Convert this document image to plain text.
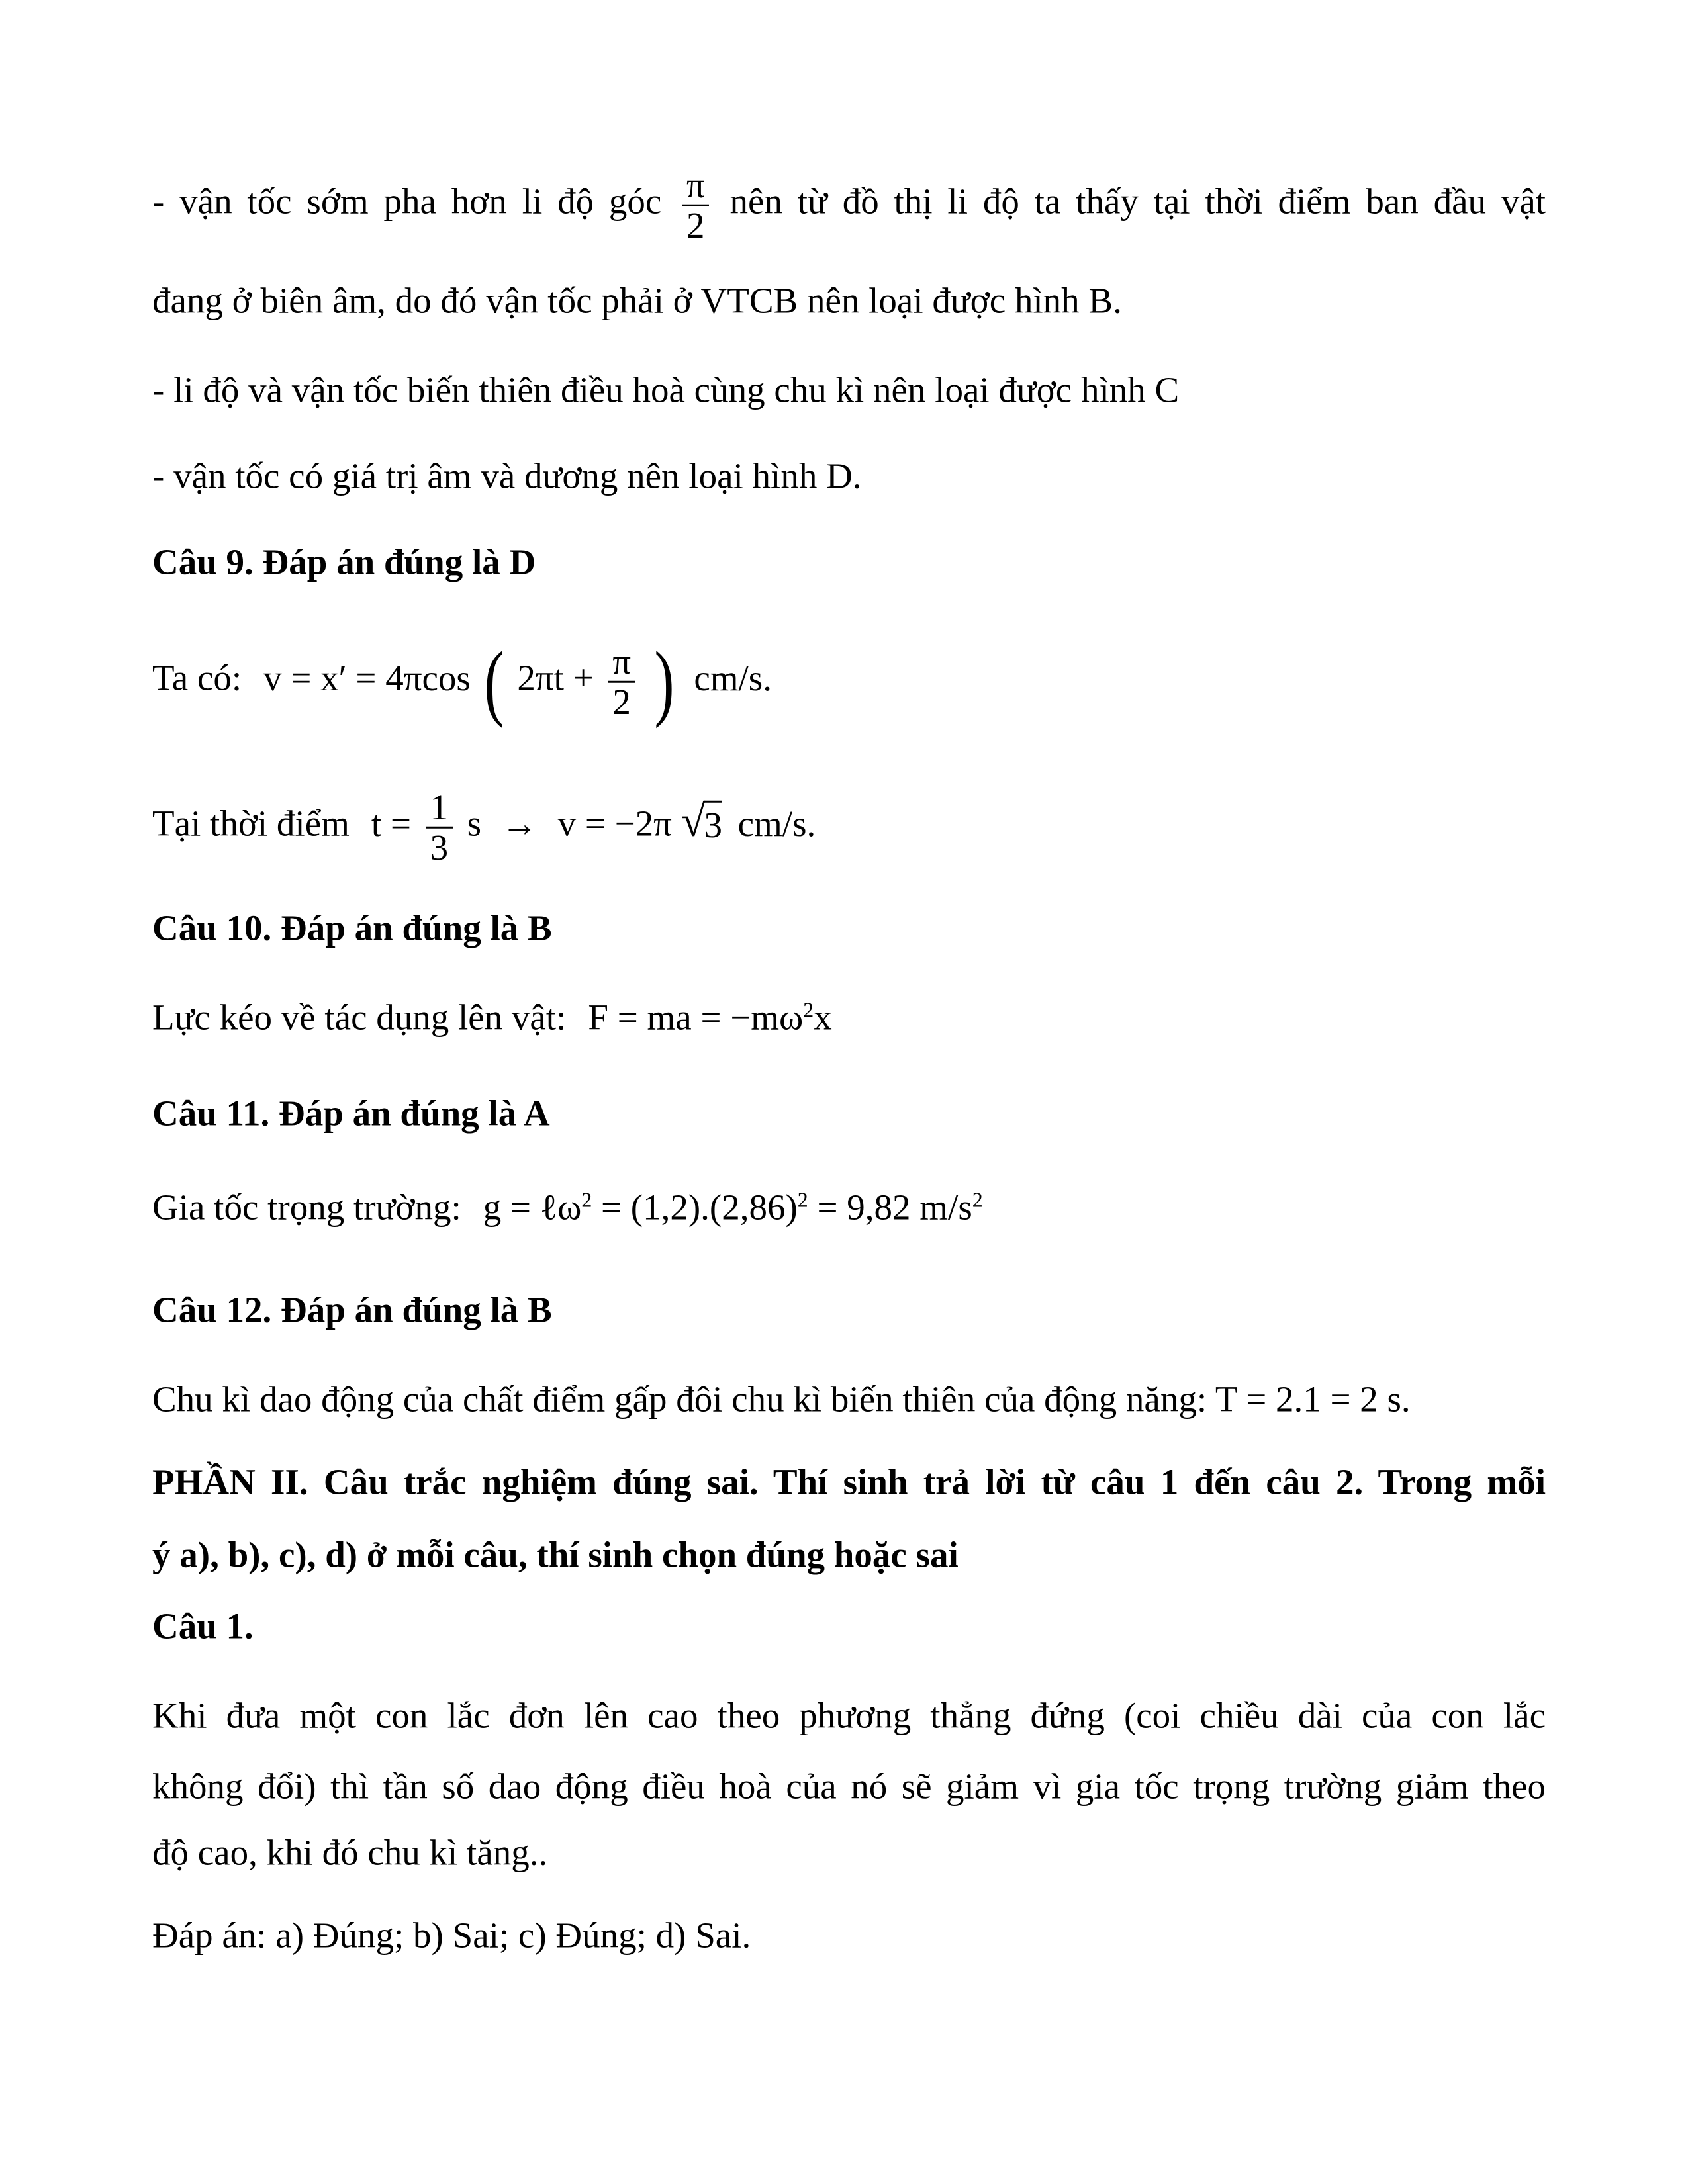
- vận tốc sớm pha hơn li độ góc $\frac{\pi}{2}$ nên từ đồ thị li độ ta thấy tại thời điểm ban đầu vật
đang ở biên âm, do đó vận tốc phải ở VTCB nên loại được hình B.
- li độ và vận tốc biến thiên điều hoà cùng chu kì nên loại được hình C
- vận tốc có giá trị âm và dương nên loại hình D.
Câu 9. Đáp án đúng là D
Ta có: v = x′ = 4πcos ( $2\pi t + \frac{\pi}{2}$ ) cm/s.
Tại thời điểm $t = \frac{1}{3}$ s → v = −2π √
3 cm/s.
Câu 10. Đáp án đúng là B
Lực kéo về tác dụng lên vật: F = ma = $-m\omega^2x$
Câu 11. Đáp án đúng là A
Gia tốc trọng trường: g = ℓω$^2$ = $(1,2).(2,86)^2 = 9,82$ $m/s^2$
Câu 12. Đáp án đúng là B
Chu kì dao động của chất điểm gấp đôi chu kì biến thiên của động năng: T = 2.1 = 2 s.
PHẦN II. Câu trắc nghiệm đúng sai. Thí sinh trả lời từ câu 1 đến câu 2. Trong mỗi
ý a), b), c), d) ở mỗi câu, thí sinh chọn đúng hoặc sai
Câu 1.
Khi đưa một con lắc đơn lên cao theo phương thẳng đứng (coi chiều dài của con lắc
không đổi) thì tần số dao động điều hoà của nó sẽ giảm vì gia tốc trọng trường giảm theo
độ cao, khi đó chu kì tăng..
Đáp án: a) Đúng; b) Sai; c) Đúng; d) Sai.
